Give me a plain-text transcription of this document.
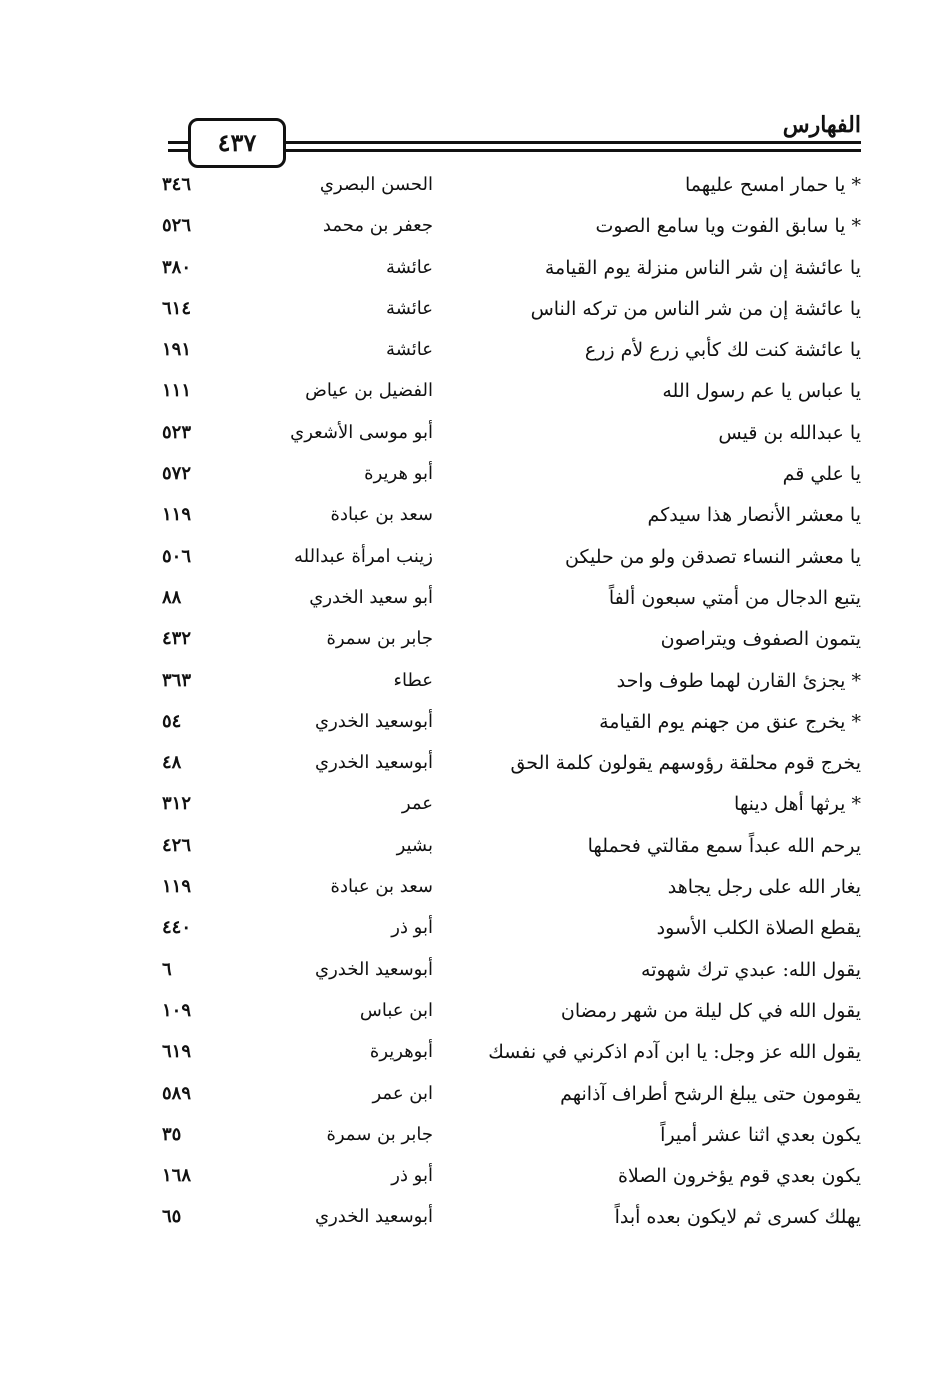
الفهارس
٤٣٧
* يا حمار امسح عليهما
الحسن البصري
٣٤٦
* يا سابق الفوت ويا سامع الصوت
جعفر بن محمد
٥٢٦
يا عائشة إن شر الناس منزلة يوم القيامة
عائشة
٣٨٠
يا عائشة إن من شر الناس من تركه الناس
عائشة
٦١٤
يا عائشة كنت لك كأبي زرع لأم زرع
عائشة
١٩١
يا عباس يا عم رسول الله
الفضيل بن عياض
١١١
يا عبدالله بن قيس
أبو موسى الأشعري
٥٢٣
يا علي قم
أبو هريرة
٥٧٢
يا معشر الأنصار هذا سيدكم
سعد بن عبادة
١١٩
يا معشر النساء تصدقن ولو من حليكن
زينب امرأة عبدالله
٥٠٦
يتبع الدجال من أمتي سبعون ألفاً
أبو سعيد الخدري
٨٨
يتمون الصفوف ويتراصون
جابر بن سمرة
٤٣٢
* يجزئ القارن لهما طوف واحد
عطاء
٣٦٣
* يخرج عنق من جهنم يوم القيامة
أبوسعيد الخدري
٥٤
يخرج قوم محلقة رؤوسهم يقولون كلمة الحق
أبوسعيد الخدري
٤٨
* يرثها أهل دينها
عمر
٣١٢
يرحم الله عبداً سمع مقالتي فحملها
بشير
٤٢٦
يغار الله على رجل يجاهد
سعد بن عبادة
١١٩
يقطع الصلاة الكلب الأسود
أبو ذر
٤٤٠
يقول الله: عبدي ترك شهوته
أبوسعيد الخدري
٦
يقول الله في كل ليلة من شهر رمضان
ابن عباس
١٠٩
يقول الله عز وجل: يا ابن آدم اذكرني في نفسك
أبوهريرة
٦١٩
يقومون حتى يبلغ الرشح أطراف آذانهم
ابن عمر
٥٨٩
يكون بعدي اثنا عشر أميراً
جابر بن سمرة
٣٥
يكون بعدي قوم يؤخرون الصلاة
أبو ذر
١٦٨
يهلك كسرى ثم لايكون بعده أبداً
أبوسعيد الخدري
٦٥
